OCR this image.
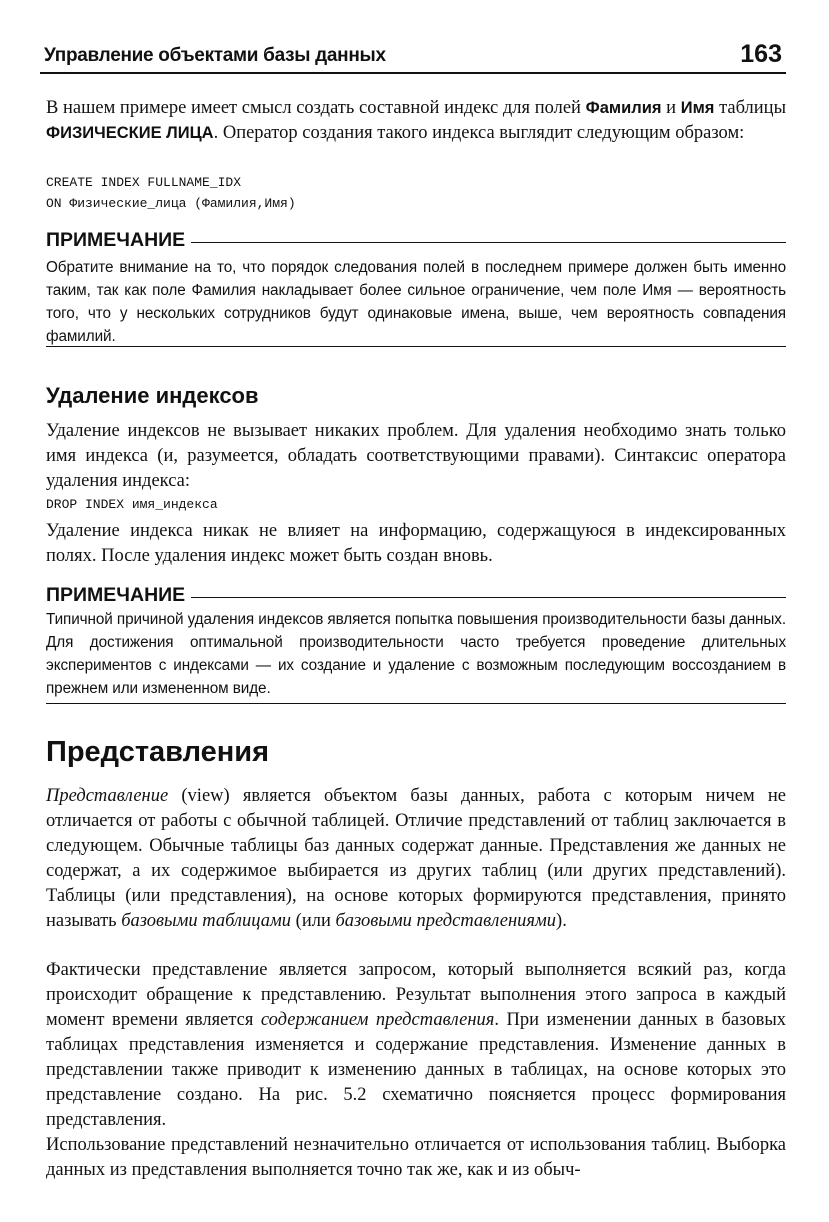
Управление объектами базы данных	163
В нашем примере имеет смысл создать составной индекс для полей Фамилия и Имя таблицы ФИЗИЧЕСКИЕ ЛИЦА. Оператор создания такого индекса выглядит следующим образом:
CREATE INDEX FULLNAME_IDX
ON Физические_лица (Фамилия,Имя)
ПРИМЕЧАНИЕ
Обратите внимание на то, что порядок следования полей в последнем примере должен быть именно таким, так как поле Фамилия накладывает более сильное ограничение, чем поле Имя — вероятность того, что у нескольких сотрудников будут одинаковые имена, выше, чем вероятность совпадения фамилий.
Удаление индексов
Удаление индексов не вызывает никаких проблем. Для удаления необходимо знать только имя индекса (и, разумеется, обладать соответствующими правами). Синтаксис оператора удаления индекса:
DROP INDEX имя_индекса
Удаление индекса никак не влияет на информацию, содержащуюся в индексированных полях. После удаления индекс может быть создан вновь.
ПРИМЕЧАНИЕ
Типичной причиной удаления индексов является попытка повышения производительности базы данных. Для достижения оптимальной производительности часто требуется проведение длительных экспериментов с индексами — их создание и удаление с возможным последующим воссозданием в прежнем или измененном виде.
Представления
Представление (view) является объектом базы данных, работа с которым ничем не отличается от работы с обычной таблицей. Отличие представлений от таблиц заключается в следующем. Обычные таблицы баз данных содержат данные. Представления же данных не содержат, а их содержимое выбирается из других таблиц (или других представлений). Таблицы (или представления), на основе которых формируются представления, принято называть базовыми таблицами (или базовыми представлениями).
Фактически представление является запросом, который выполняется всякий раз, когда происходит обращение к представлению. Результат выполнения этого запроса в каждый момент времени является содержанием представления. При изменении данных в базовых таблицах представления изменяется и содержание представления. Изменение данных в представлении также приводит к изменению данных в таблицах, на основе которых это представление создано. На рис. 5.2 схематично поясняется процесс формирования представления.
Использование представлений незначительно отличается от использования таблиц. Выборка данных из представления выполняется точно так же, как и из обыч-
